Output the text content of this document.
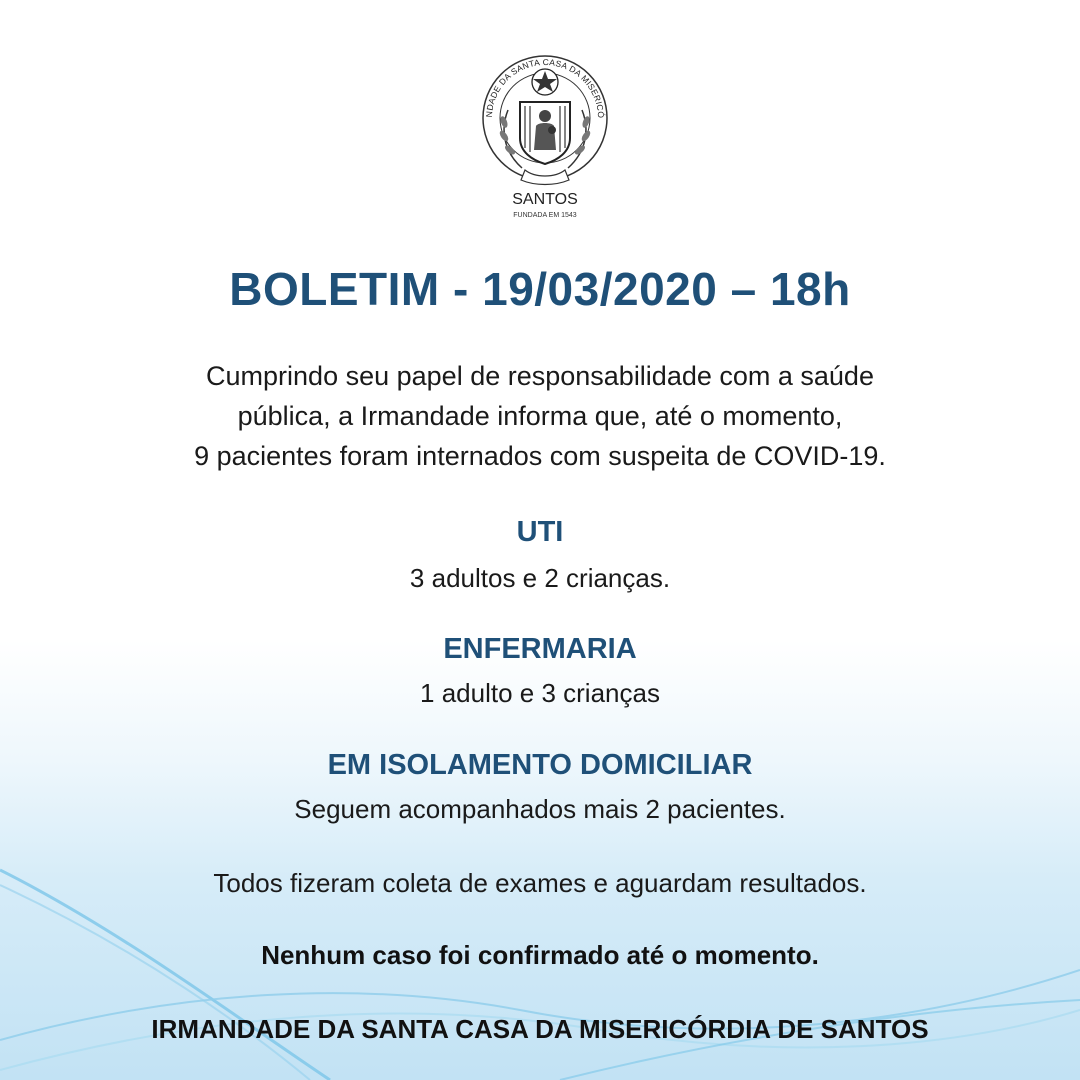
NDADE DA SANTA CASA DA MISERICÓ
SANTOS
FUNDADA EM 1543
BOLETIM - 19/03/2020 – 18h
Cumprindo seu papel de responsabilidade com a saúde
pública, a Irmandade informa que, até o momento,
9 pacientes foram internados com suspeita de COVID-19.
UTI
3 adultos e 2 crianças.
ENFERMARIA
1 adulto e 3 crianças
EM ISOLAMENTO DOMICILIAR
Seguem acompanhados mais 2 pacientes.
Todos fizeram coleta de exames e aguardam resultados.
Nenhum caso foi confirmado até o momento.
IRMANDADE DA SANTA CASA DA MISERICÓRDIA DE SANTOS
